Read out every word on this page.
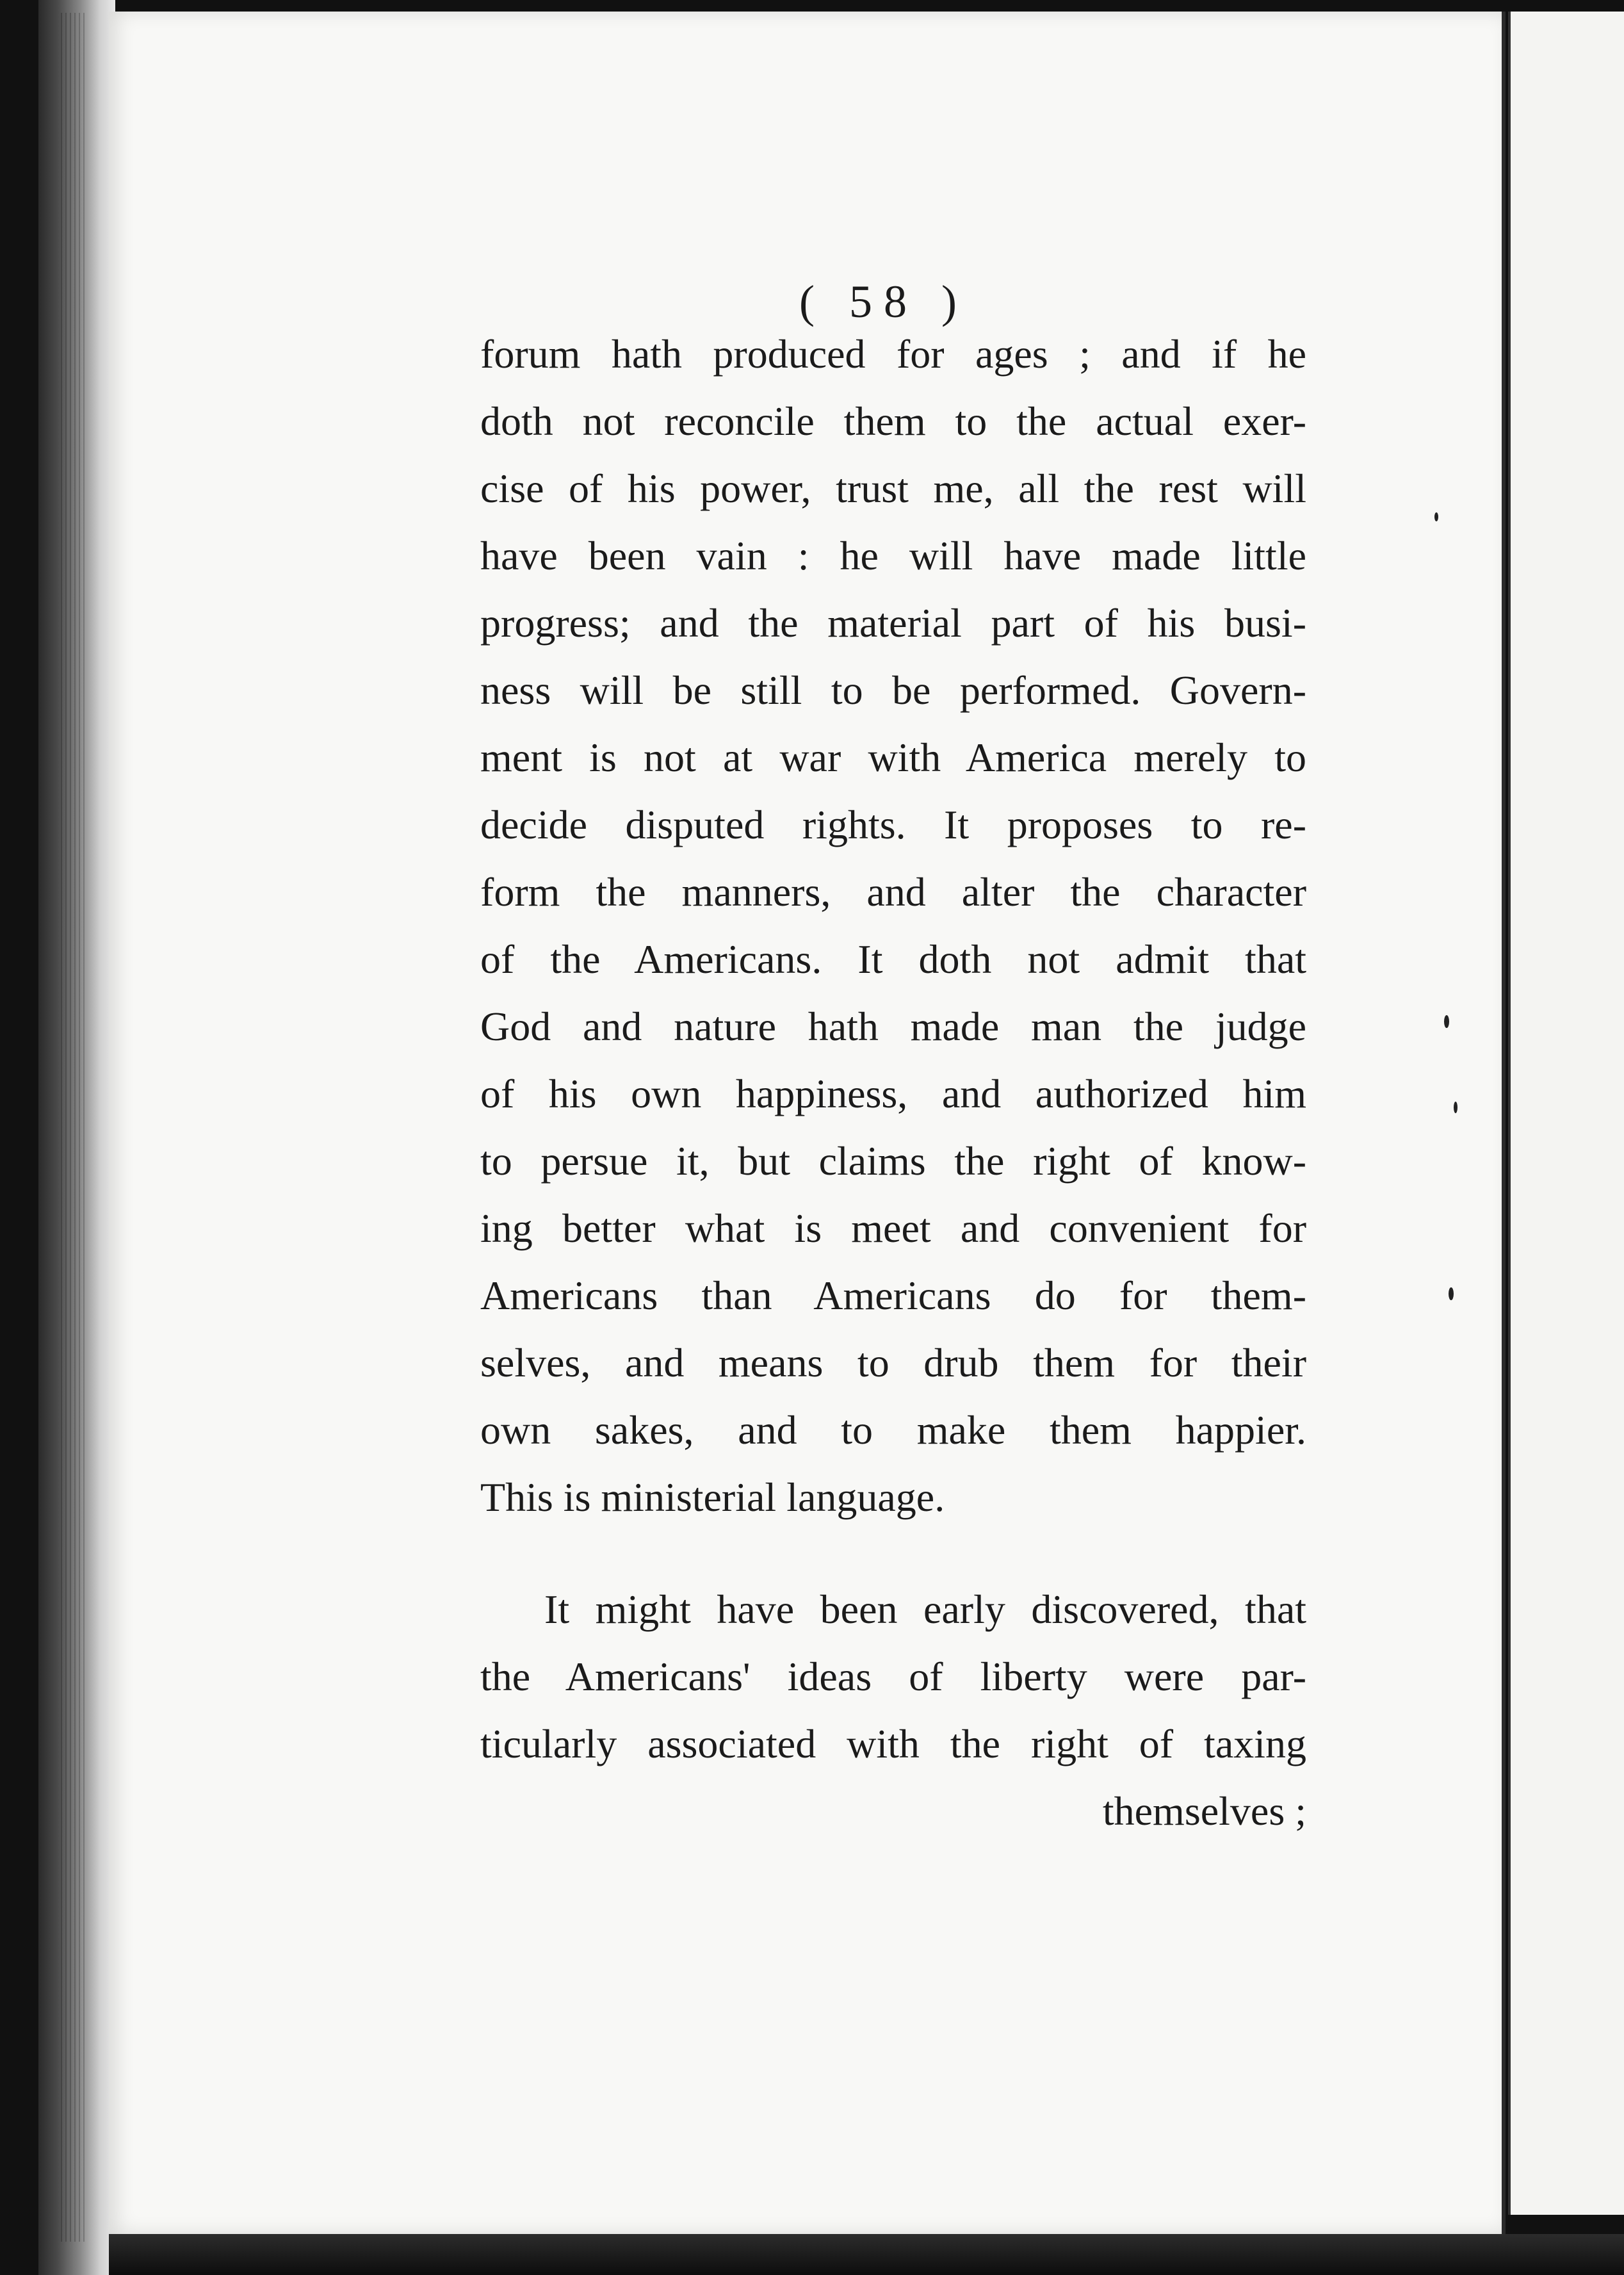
( 58 )

forum hath produced for ages ; and if he
doth not reconcile them to the actual exer-
cise of his power, trust me, all the rest will
have been vain : he will have made little
progress; and the material part of his busi-
ness will be still to be performed. Govern-
ment is not at war with America merely to
decide disputed rights. It proposes to re-
form the manners, and alter the character
of the Americans. It doth not admit that
God and nature hath made man the judge
of his own happiness, and authorized him
to persue it, but claims the right of know-
ing better what is meet and convenient for
Americans than Americans do for them-
selves, and means to drub them for their
own sakes, and to make them happier.
This is ministerial language.

It might have been early discovered, that
the Americans' ideas of liberty were par-
ticularly associated with the right of taxing
themselves ;
